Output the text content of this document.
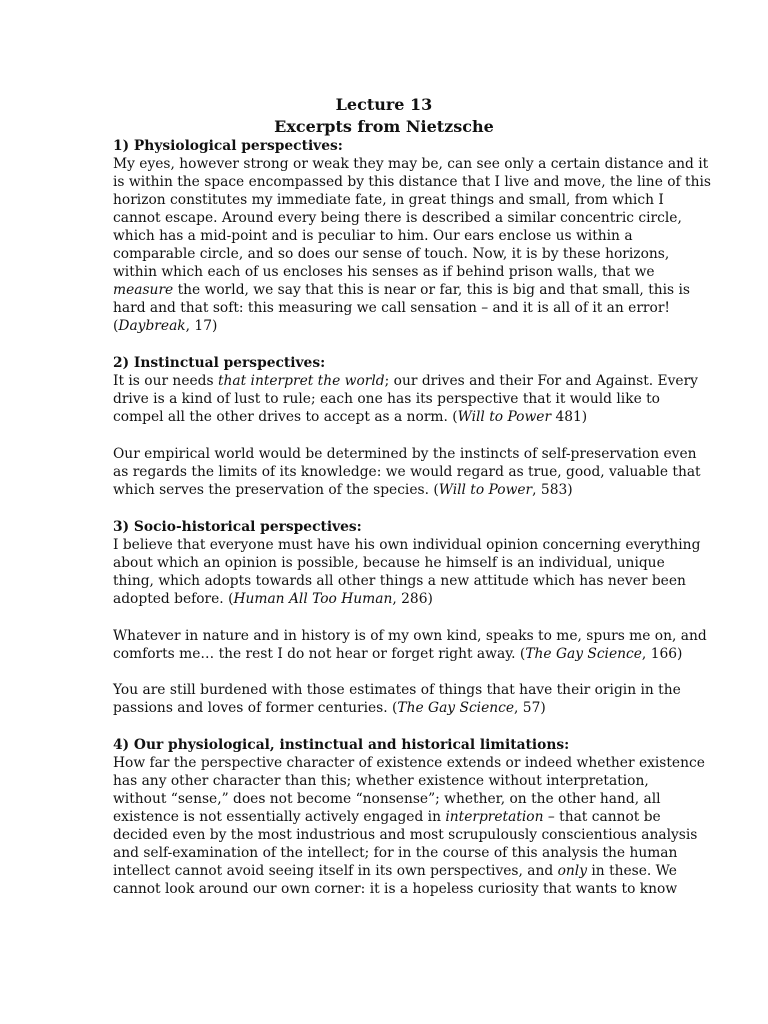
Lecture 13
Excerpts from Nietzsche
1) Physiological perspectives:
My eyes, however strong or weak they may be, can see only a certain distance and it
is within the space encompassed by this distance that I live and move, the line of this
horizon constitutes my immediate fate, in great things and small, from which I
cannot escape. Around every being there is described a similar concentric circle,
which has a mid-point and is peculiar to him. Our ears enclose us within a
comparable circle, and so does our sense of touch. Now, it is by these horizons,
within which each of us encloses his senses as if behind prison walls, that we
measure the world, we say that this is near or far, this is big and that small, this is
hard and that soft: this measuring we call sensation – and it is all of it an error!
(Daybreak, 17)
2) Instinctual perspectives:
It is our needs that interpret the world; our drives and their For and Against. Every
drive is a kind of lust to rule; each one has its perspective that it would like to
compel all the other drives to accept as a norm. (Will to Power 481)
Our empirical world would be determined by the instincts of self-preservation even
as regards the limits of its knowledge: we would regard as true, good, valuable that
which serves the preservation of the species. (Will to Power, 583)
3) Socio-historical perspectives:
I believe that everyone must have his own individual opinion concerning everything
about which an opinion is possible, because he himself is an individual, unique
thing, which adopts towards all other things a new attitude which has never been
adopted before. (Human All Too Human, 286)
Whatever in nature and in history is of my own kind, speaks to me, spurs me on, and
comforts me… the rest I do not hear or forget right away. (The Gay Science, 166)
You are still burdened with those estimates of things that have their origin in the
passions and loves of former centuries. (The Gay Science, 57)
4) Our physiological, instinctual and historical limitations:
How far the perspective character of existence extends or indeed whether existence
has any other character than this; whether existence without interpretation,
without “sense,” does not become “nonsense”; whether, on the other hand, all
existence is not essentially actively engaged in interpretation – that cannot be
decided even by the most industrious and most scrupulously conscientious analysis
and self-examination of the intellect; for in the course of this analysis the human
intellect cannot avoid seeing itself in its own perspectives, and only in these. We
cannot look around our own corner: it is a hopeless curiosity that wants to know
